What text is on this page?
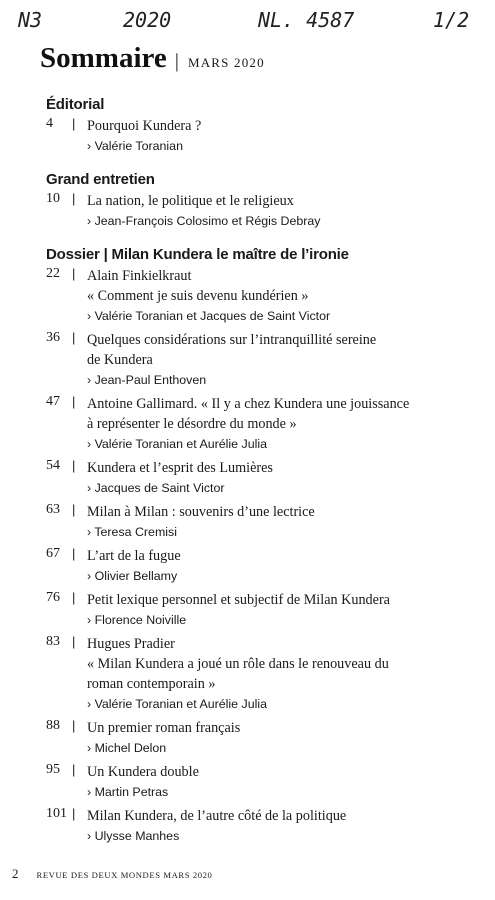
N3	2020	NL. 4587	1/2
Sommaire | MARS 2020
Éditorial
4	| Pourquoi Kundera ?
› Valérie Toranian
Grand entretien
10 | La nation, le politique et le religieux
› Jean-François Colosimo et Régis Debray
Dossier | Milan Kundera le maître de l’ironie
22 | Alain Finkielkraut
« Comment je suis devenu kundérien »
› Valérie Toranian et Jacques de Saint Victor
36 | Quelques considérations sur l’intranquillité sereine
de Kundera
› Jean-Paul Enthoven
47 | Antoine Gallimard. « Il y a chez Kundera une jouissance
à représenter le désordre du monde »
› Valérie Toranian et Aurélie Julia
54 | Kundera et l’esprit des Lumières
› Jacques de Saint Victor
63 | Milan à Milan : souvenirs d’une lectrice
› Teresa Cremisi
67 | L’art de la fugue
› Olivier Bellamy
76 | Petit lexique personnel et subjectif de Milan Kundera
› Florence Noiville
83 | Hugues Pradier
« Milan Kundera a joué un rôle dans le renouveau du
roman contemporain »
› Valérie Toranian et Aurélie Julia
88 | Un premier roman français
› Michel Delon
95 | Un Kundera double
› Martin Petras
101 | Milan Kundera, de l’autre côté de la politique
› Ulysse Manhes
2 REVUE DES DEUX MONDES MARS 2020
